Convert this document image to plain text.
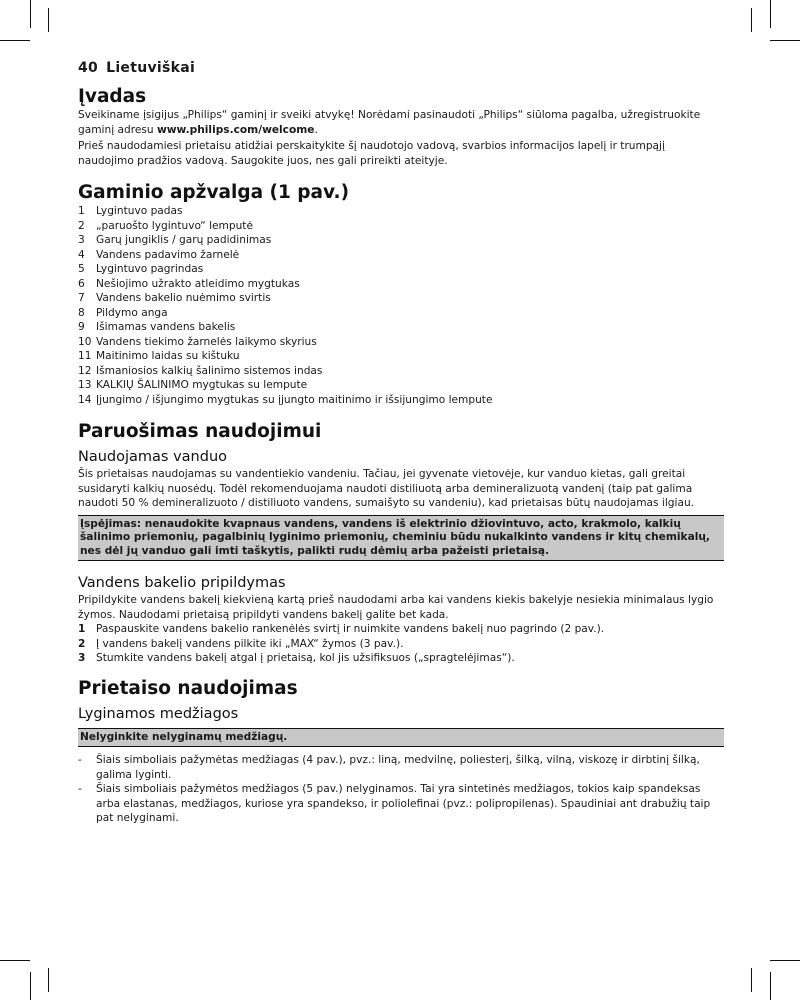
40 Lietuviškai
Įvadas

Sveikiname įsigijus „Philips“ gaminį ir sveiki atvykę! Norėdami pasinaudoti „Philips“ siūloma pagalba, užregistruokite gaminį adresu www.philips.com/welcome.

Prieš naudodamiesi prietaisu atidžiai perskaitykite šį naudotojo vadovą, svarbios informacijos lapelį ir trumpąjį naudojimo pradžios vadovą. Saugokite juos, nes gali prireikti ateityje.

Gaminio apžvalga (1 pav.)
1	Lygintuvo padas
2	„paruošto lygintuvo“ lemputė
3	Garų jungiklis / garų padidinimas
4	Vandens padavimo žarnelė
5	Lygintuvo pagrindas
6	Nešiojimo užrakto atleidimo mygtukas
7	Vandens bakelio nuėmimo svirtis
8	Pildymo anga
9	Išimamas vandens bakelis
10 Vandens tiekimo žarnelės laikymo skyrius
11 Maitinimo laidas su kištuku
12 Išmaniosios kalkių šalinimo sistemos indas
13 KALKIŲ ŠALINIMO mygtukas su lempute
14 Įjungimo / išjungimo mygtukas su įjungto maitinimo ir išsijungimo lempute
Paruošimas naudojimui
Naudojamas vanduo

Šis prietaisas naudojamas su vandentiekio vandeniu. Tačiau, jei gyvenate vietovėje, kur vanduo kietas, gali greitai susidaryti kalkių nuosėdų. Todėl rekomenduojama naudoti distiliuotą arba demineralizuotą vandenį (taip pat galima naudoti 50 % demineralizuoto / distiliuoto vandens, sumaišyto su vandeniu), kad prietaisas būtų naudojamas ilgiau.

Įspėjimas: nenaudokite kvapnaus vandens, vandens iš elektrinio džiovintuvo, acto, krakmolo, kalkių šalinimo priemonių, pagalbinių lyginimo priemonių, cheminiu būdu nukalkinto vandens ir kitų chemikalų, nes dėl jų vanduo gali imti taškytis, palikti rudų dėmių arba pažeisti prietaisą.
Vandens bakelio pripildymas

Pripildykite vandens bakelį kiekvieną kartą prieš naudodami arba kai vandens kiekis bakelyje nesiekia minimalaus lygio žymos. Naudodami prietaisą pripildyti vandens bakelį galite bet kada.

1	Paspauskite vandens bakelio rankenėlės svirtį ir nuimkite vandens bakelį nuo pagrindo (2 pav.).
2	Į vandens bakelį vandens pilkite iki „MAX“ žymos (3 pav.).
3	Stumkite vandens bakelį atgal į prietaisą, kol jis užsifiksuos („spragtelėjimas“).
Prietaiso naudojimas
Lyginamos medžiagos
Nelyginkite nelyginamų medžiagų.
-	Šiais simboliais pažymėtas medžiagas (4 pav.), pvz.: liną, medvilnę, poliesterį, šilką, vilną, viskozę ir dirbtinį šilką, galima lyginti.
-	Šiais simboliais pažymėtos medžiagos (5 pav.) nelyginamos. Tai yra sintetinės medžiagos, tokios kaip spandeksas arba elastanas, medžiagos, kuriose yra spandekso, ir poliolefinai (pvz.: polipropilenas). Spaudiniai ant drabužių taip pat nelyginami.
